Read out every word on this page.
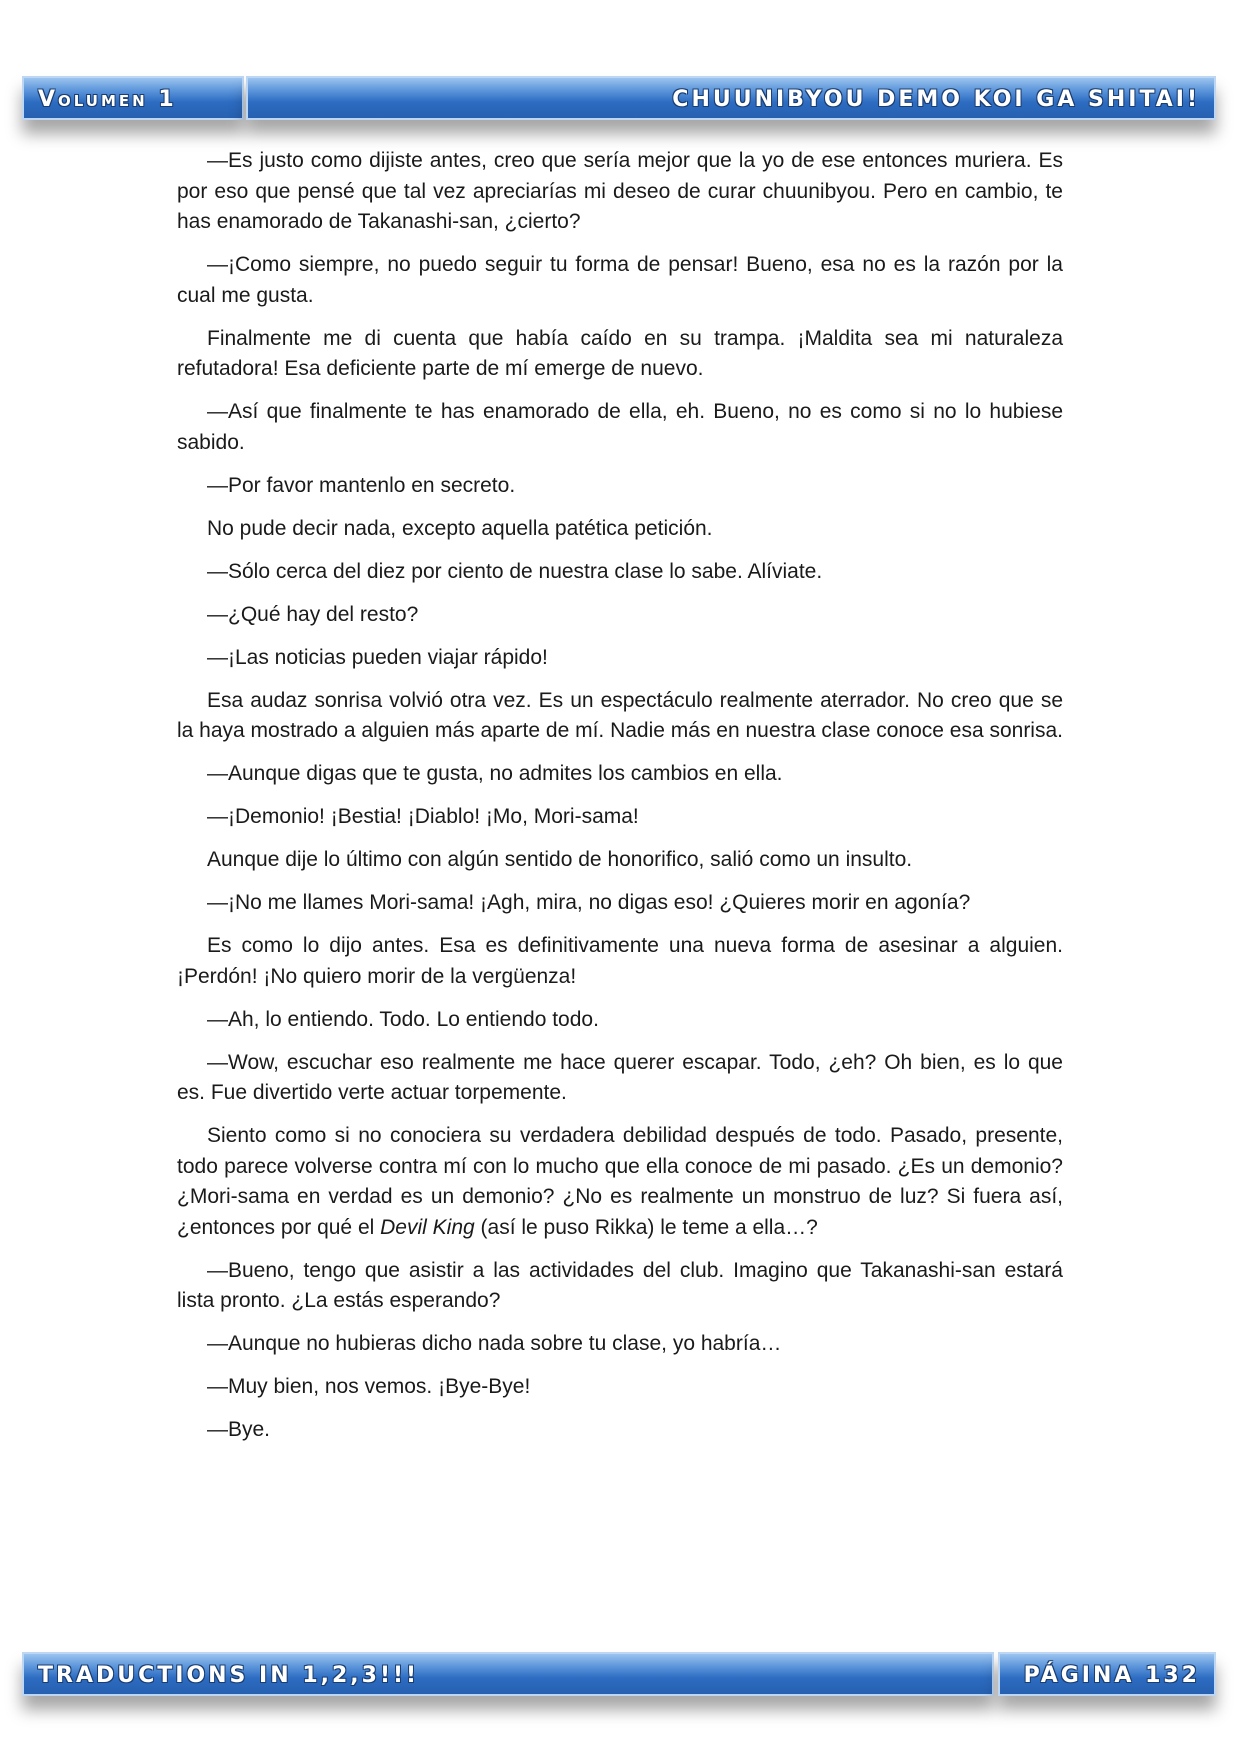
Volumen 1	CHUUNIBYOU DEMO KOI GA SHITAI!

—Es justo como dijiste antes, creo que sería mejor que la yo de ese entonces muriera. Es por eso que pensé que tal vez apreciarías mi deseo de curar chuunibyou. Pero en cambio, te has enamorado de Takanashi-san, ¿cierto?

—¡Como siempre, no puedo seguir tu forma de pensar! Bueno, esa no es la razón por la cual me gusta.

Finalmente me di cuenta que había caído en su trampa. ¡Maldita sea mi naturaleza refutadora! Esa deficiente parte de mí emerge de nuevo.

—Así que finalmente te has enamorado de ella, eh. Bueno, no es como si no lo hubiese sabido.

—Por favor mantenlo en secreto.

No pude decir nada, excepto aquella patética petición.

—Sólo cerca del diez por ciento de nuestra clase lo sabe. Alíviate.

—¿Qué hay del resto?

—¡Las noticias pueden viajar rápido!

Esa audaz sonrisa volvió otra vez. Es un espectáculo realmente aterrador. No creo que se la haya mostrado a alguien más aparte de mí. Nadie más en nuestra clase conoce esa sonrisa.

—Aunque digas que te gusta, no admites los cambios en ella.

—¡Demonio! ¡Bestia! ¡Diablo! ¡Mo, Mori-sama!

Aunque dije lo último con algún sentido de honorifico, salió como un insulto.

—¡No me llames Mori-sama! ¡Agh, mira, no digas eso! ¿Quieres morir en agonía?

Es como lo dijo antes. Esa es definitivamente una nueva forma de asesinar a alguien. ¡Perdón! ¡No quiero morir de la vergüenza!

—Ah, lo entiendo. Todo. Lo entiendo todo.

—Wow, escuchar eso realmente me hace querer escapar. Todo, ¿eh? Oh bien, es lo que es. Fue divertido verte actuar torpemente.

Siento como si no conociera su verdadera debilidad después de todo. Pasado, presente, todo parece volverse contra mí con lo mucho que ella conoce de mi pasado. ¿Es un demonio? ¿Mori-sama en verdad es un demonio? ¿No es realmente un monstruo de luz? Si fuera así, ¿entonces por qué el Devil King (así le puso Rikka) le teme a ella…?

—Bueno, tengo que asistir a las actividades del club. Imagino que Takanashi-san estará lista pronto. ¿La estás esperando?

—Aunque no hubieras dicho nada sobre tu clase, yo habría…

—Muy bien, nos vemos. ¡Bye-Bye!

—Bye.

TRADUCTIONS IN 1,2,3!!!	PÁGINA 132
